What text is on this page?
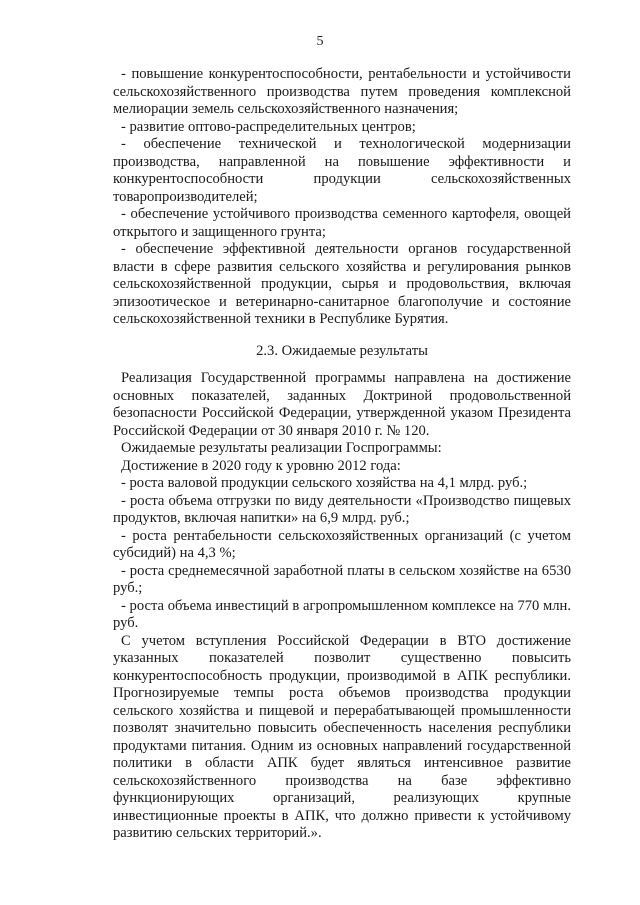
5

- повышение конкурентоспособности, рентабельности и устойчивости сельскохозяйственного производства путем проведения комплексной мелиорации земель сельскохозяйственного назначения;

- развитие оптово-распределительных центров;

- обеспечение технической и технологической модернизации производства, направленной на повышение эффективности и конкурентоспособности продукции сельскохозяйственных товаропроизводителей;

- обеспечение устойчивого производства семенного картофеля, овощей открытого и защищенного грунта;

- обеспечение эффективной деятельности органов государственной власти в сфере развития сельского хозяйства и регулирования рынков сельскохозяйственной продукции, сырья и продовольствия, включая эпизоотическое и ветеринарно-санитарное благополучие и состояние сельскохозяйственной техники в Республике Бурятия.

2.3. Ожидаемые результаты

Реализация Государственной программы направлена на достижение основных показателей, заданных Доктриной продовольственной безопасности Российской Федерации, утвержденной указом Президента Российской Федерации от 30 января 2010 г. № 120.

Ожидаемые результаты реализации Госпрограммы:

Достижение в 2020 году к уровню 2012 года:

- роста валовой продукции сельского хозяйства на 4,1 млрд. руб.;

- роста объема отгрузки по виду деятельности «Производство пищевых продуктов, включая напитки» на 6,9 млрд. руб.;

- роста рентабельности сельскохозяйственных организаций (с учетом субсидий) на 4,3 %;

- роста среднемесячной заработной платы в сельском хозяйстве на 6530 руб.;

- роста объема инвестиций в агропромышленном комплексе на 770 млн. руб.

С учетом вступления Российской Федерации в ВТО достижение указанных показателей позволит существенно повысить конкурентоспособность продукции, производимой в АПК республики. Прогнозируемые темпы роста объемов производства продукции сельского хозяйства и пищевой и перерабатывающей промышленности позволят значительно повысить обеспеченность населения республики продуктами питания. Одним из основных направлений государственной политики в области АПК будет являться интенсивное развитие сельскохозяйственного производства на базе эффективно функционирующих организаций, реализующих крупные инвестиционные проекты в АПК, что должно привести к устойчивому развитию сельских территорий.».
